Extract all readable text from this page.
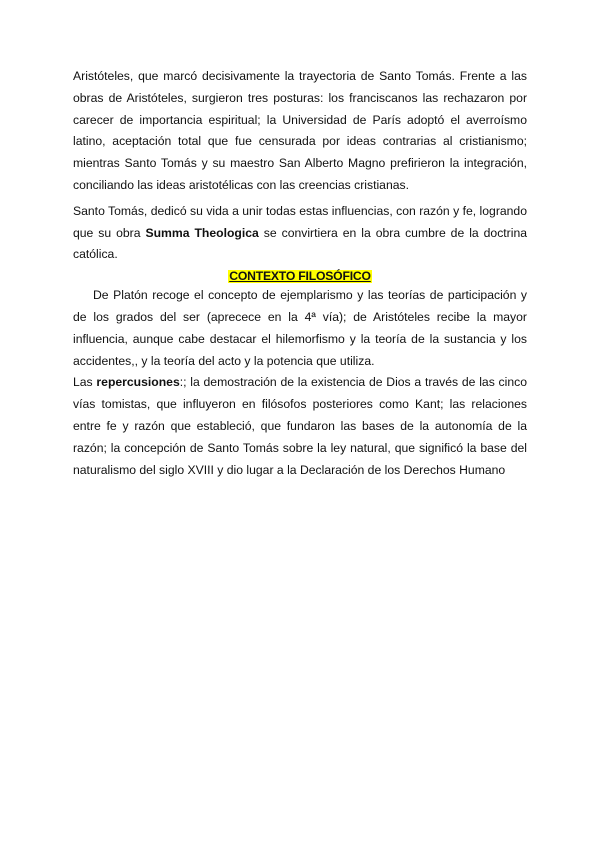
Aristóteles, que marcó decisivamente la trayectoria de Santo Tomás. Frente a las obras de Aristóteles, surgieron tres posturas: los franciscanos las rechazaron por carecer de importancia espiritual; la Universidad de París adoptó el averroísmo latino, aceptación total que fue censurada por ideas contrarias al cristianismo; mientras Santo Tomás y su maestro San Alberto Magno prefirieron la integración, conciliando las ideas aristotélicas con las creencias cristianas.

Santo Tomás, dedicó su vida a unir todas estas influencias, con razón y fe, logrando que su obra Summa Theologica se convirtiera en la obra cumbre de la doctrina católica.

CONTEXTO FILOSÓFICO

De Platón recoge el concepto de ejemplarismo y las teorías de participación y de los grados del ser (aprecece en la 4ª vía); de Aristóteles recibe la mayor influencia, aunque cabe destacar el hilemorfismo y la teoría de la sustancia y los accidentes,, y la teoría del acto y la potencia que utiliza.

Las repercusiones:; la demostración de la existencia de Dios a través de las cinco vías tomistas, que influyeron en filósofos posteriores como Kant; las relaciones entre fe y razón que estableció, que fundaron las bases de la autonomía de la razón; la concepción de Santo Tomás sobre la ley natural, que significó la base del naturalismo del siglo XVIII y dio lugar a la Declaración de los Derechos Humano
